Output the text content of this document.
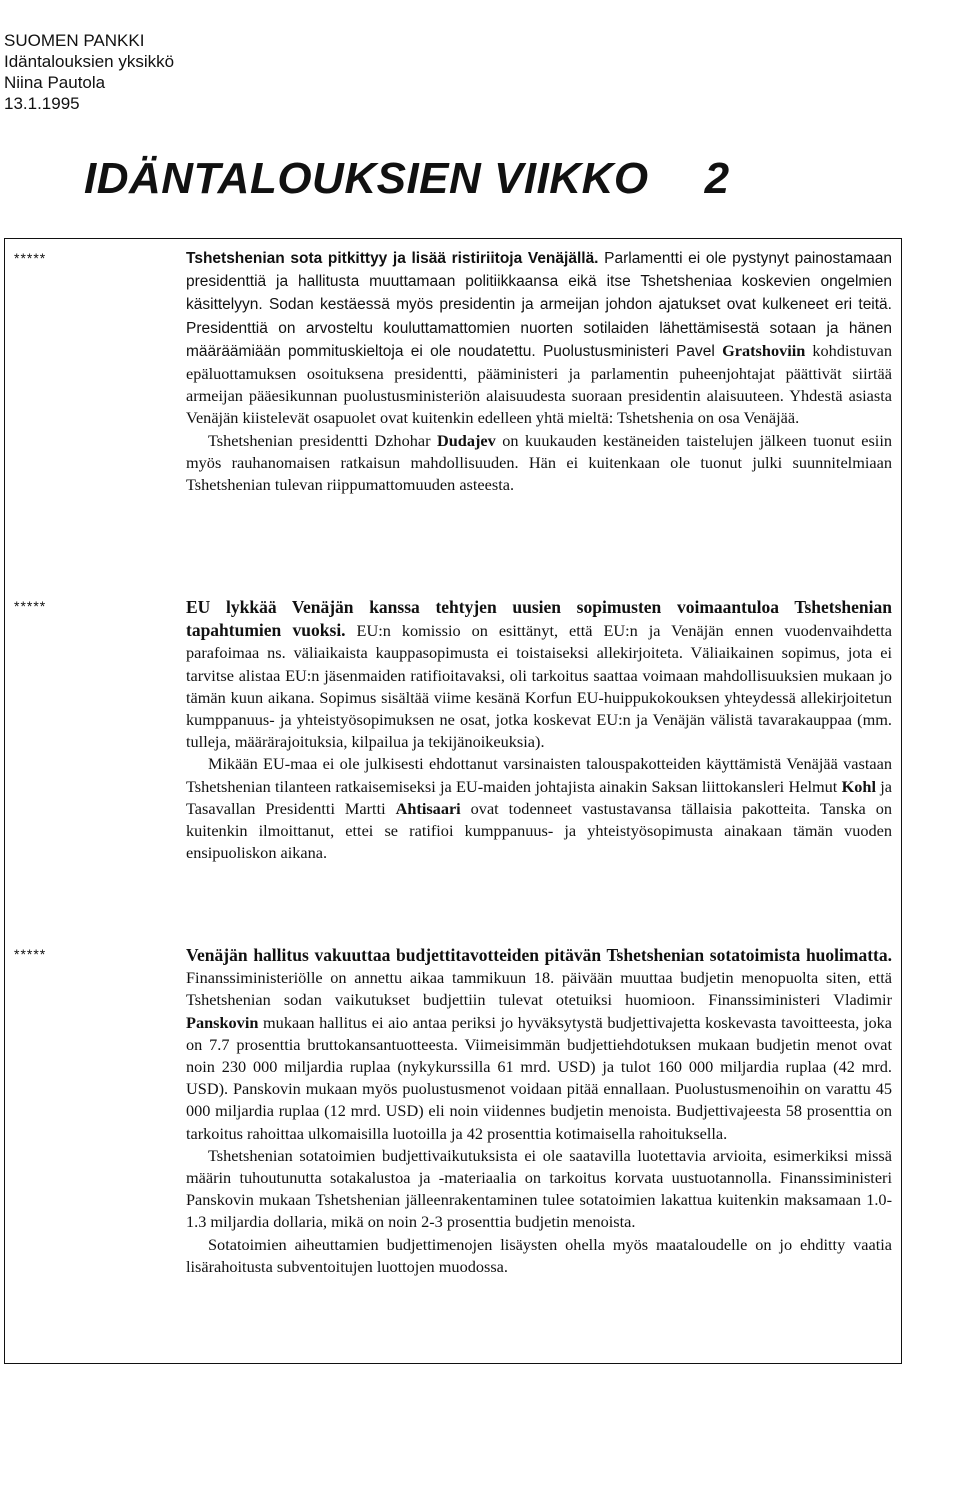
SUOMEN PANKKI
Idäntalouksien yksikkö
Niina Pautola
13.1.1995
IDÄNTALOUKSIEN VIIKKO 2
*****	Tshetshenian sota pitkittyy ja lisää ristiriitoja Venäjällä. Parlamentti ei ole pystynyt painostamaan presidenttiä ja hallitusta muuttamaan politiikkaansa eikä itse Tshetsheniaa koskevien ongelmien käsittelyyn. Sodan kestäessä myös presidentin ja armeijan johdon ajatukset ovat kulkeneet eri teitä. Presidenttiä on arvosteltu kouluttamattomien nuorten sotilaiden lähettämisestä sotaan ja hänen määräämiään pommituskieltoja ei ole noudatettu. Puolustusministeri Pavel Gratshoviin kohdistuvan epäluottamuksen osoituksena presidentti, pääministeri ja parlamentin puheenjohtajat päättivät siirtää armeijan pääesikunnan puolustusministeriön alaisuudesta suoraan presidentin alaisuuteen. Yhdestä asiasta Venäjän kiistelevät osapuolet ovat kuitenkin edelleen yhtä mieltä: Tshetshenia on osa Venäjää.

Tshetshenian presidentti Dzhohar Dudajev on kuukauden kestäneiden taistelujen jälkeen tuonut esiin myös rauhanomaisen ratkaisun mahdollisuuden. Hän ei kuitenkaan ole tuonut julki suunnitelmiaan Tshetshenian tulevan riippumattomuuden asteesta.

*****	EU lykkää Venäjän kanssa tehtyjen uusien sopimusten voimaantuloa Tshetshenian tapahtumien vuoksi. EU:n komissio on esittänyt, että EU:n ja Venäjän ennen vuodenvaihdetta parafoimaa ns. väliaikaista kauppasopimusta ei toistaiseksi allekirjoiteta. Väliaikainen sopimus, jota ei tarvitse alistaa EU:n jäsenmaiden ratifioitavaksi, oli tarkoitus saattaa voimaan mahdollisuuksien mukaan jo tämän kuun aikana. Sopimus sisältää viime kesänä Korfun EU-huippukokouksen yhteydessä allekirjoitetun kumppanuus- ja yhteistyösopimuksen ne osat, jotka koskevat EU:n ja Venäjän välistä tavarakauppaa (mm. tulleja, määrärajoituksia, kilpailua ja tekijänoikeuksia).

Mikään EU-maa ei ole julkisesti ehdottanut varsinaisten talouspakotteiden käyttämistä Venäjää vastaan Tshetshenian tilanteen ratkaisemiseksi ja EU-maiden johtajista ainakin Saksan liittokansleri Helmut Kohl ja Tasavallan Presidentti Martti Ahtisaari ovat todenneet vastustavansa tällaisia pakotteita. Tanska on kuitenkin ilmoittanut, ettei se ratifioi kumppanuus- ja yhteistyösopimusta ainakaan tämän vuoden ensipuoliskon aikana.

*****	Venäjän hallitus vakuuttaa budjettitavotteiden pitävän Tshetshenian sotatoimista huolimatta. Finanssiministeriölle on annettu aikaa tammikuun 18. päivään muuttaa budjetin menopuolta siten, että Tshetshenian sodan vaikutukset budjettiin tulevat otetuiksi huomioon. Finanssiministeri Vladimir Panskovin mukaan hallitus ei aio antaa periksi jo hyväksytystä budjettivajetta koskevasta tavoitteesta, joka on 7.7 prosenttia bruttokansantuotteesta. Viimeisimmän budjettiehdotuksen mukaan budjetin menot ovat noin 230 000 miljardia ruplaa (nykykurssilla 61 mrd. USD) ja tulot 160 000 miljardia ruplaa (42 mrd. USD). Panskovin mukaan myös puolustusmenot voidaan pitää ennallaan. Puolustusmenoihin on varattu 45 000 miljardia ruplaa (12 mrd. USD) eli noin viidennes budjetin menoista. Budjettivajeesta 58 prosenttia on tarkoitus rahoittaa ulkomaisilla luotoilla ja 42 prosenttia kotimaisella rahoituksella.

Tshetshenian sotatoimien budjettivaikutuksista ei ole saatavilla luotettavia arvioita, esimerkiksi missä määrin tuhoutunutta sotakalustoa ja -materiaalia on tarkoitus korvata uustuotannolla. Finanssiministeri Panskovin mukaan Tshetshenian jälleenrakentaminen tulee sotatoimien lakattua kuitenkin maksamaan 1.0-1.3 miljardia dollaria, mikä on noin 2-3 prosenttia budjetin menoista.

Sotatoimien aiheuttamien budjettimenojen lisäysten ohella myös maataloudelle on jo ehditty vaatia lisärahoitusta subventoitujen luottojen muodossa.
